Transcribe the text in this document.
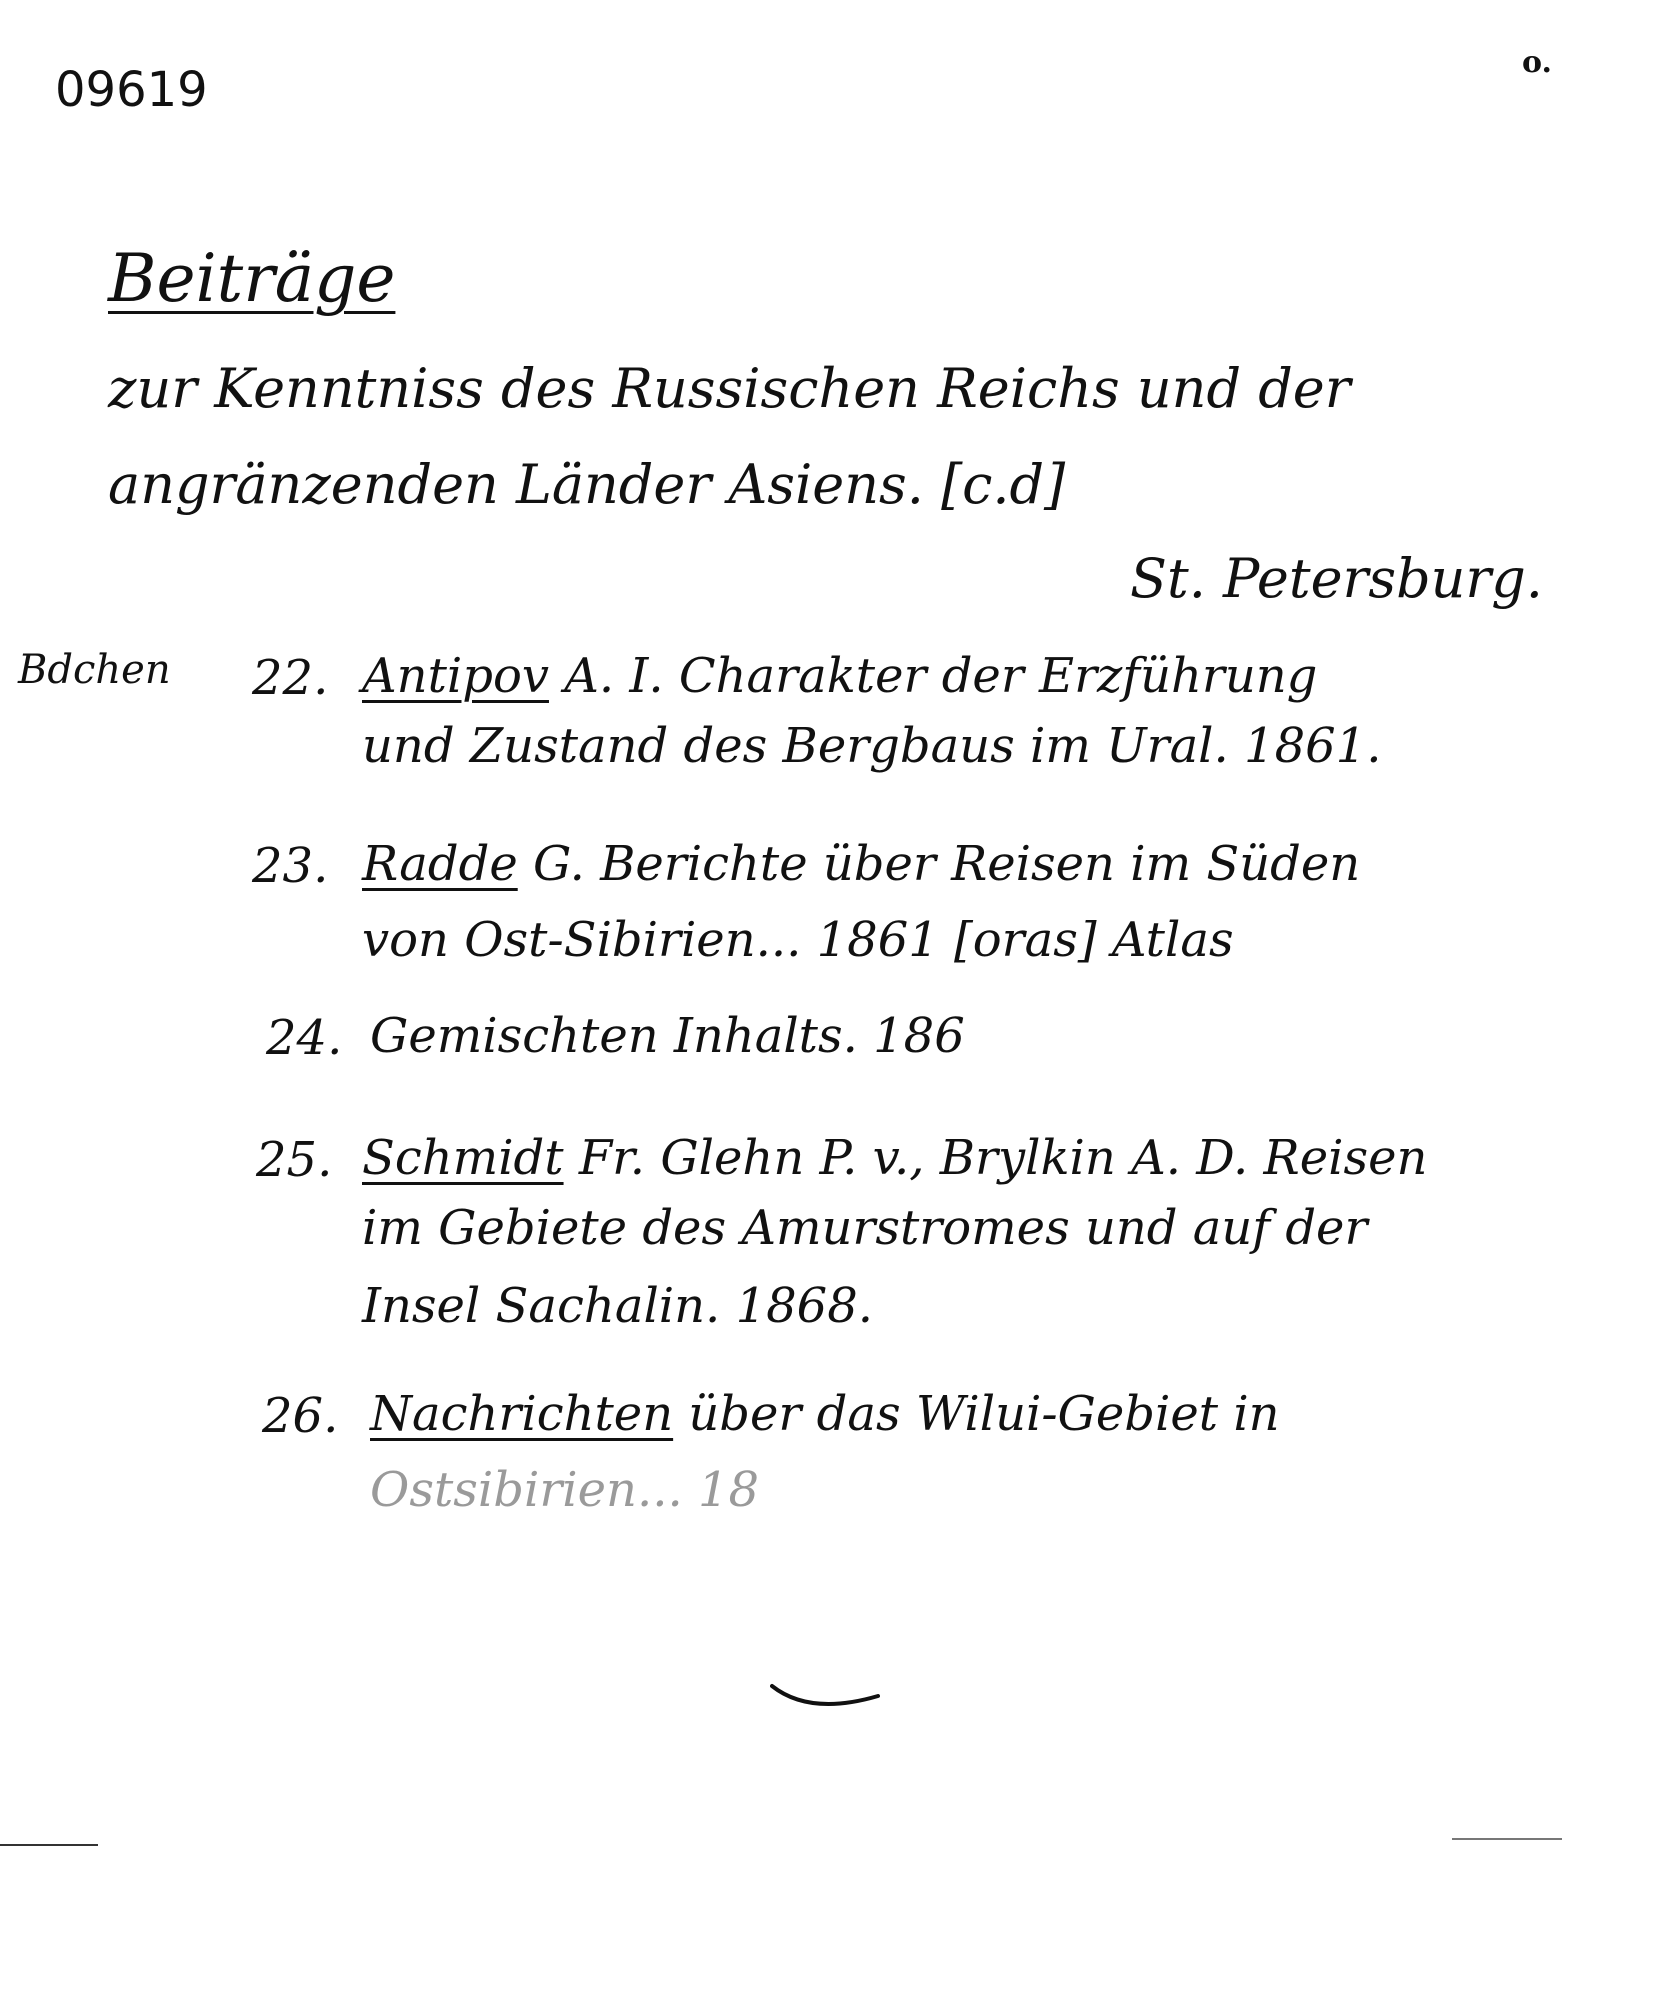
09619	o.
Beiträge
zur Kenntniss des Russischen Reichs und der
angränzenden Länder Asiens. [c.d]
St. Petersburg.
Bdchen 22. Antipov A. I. Charakter der Erzführung
und Zustand des Bergbaus im Ural. 1861.
23. Radde G. Berichte über Reisen im Süden
von Ost-Sibirien... 1861 [oras] Atlas
24. Gemischten Inhalts. 186
25. Schmidt Fr. Glehn P. v., Brylkin A. D. Reisen
im Gebiete des Amurstromes und auf der
Insel Sachalin. 1868.
26. Nachrichten über das Wilui-Gebiet in
Ostsibirien... 18
